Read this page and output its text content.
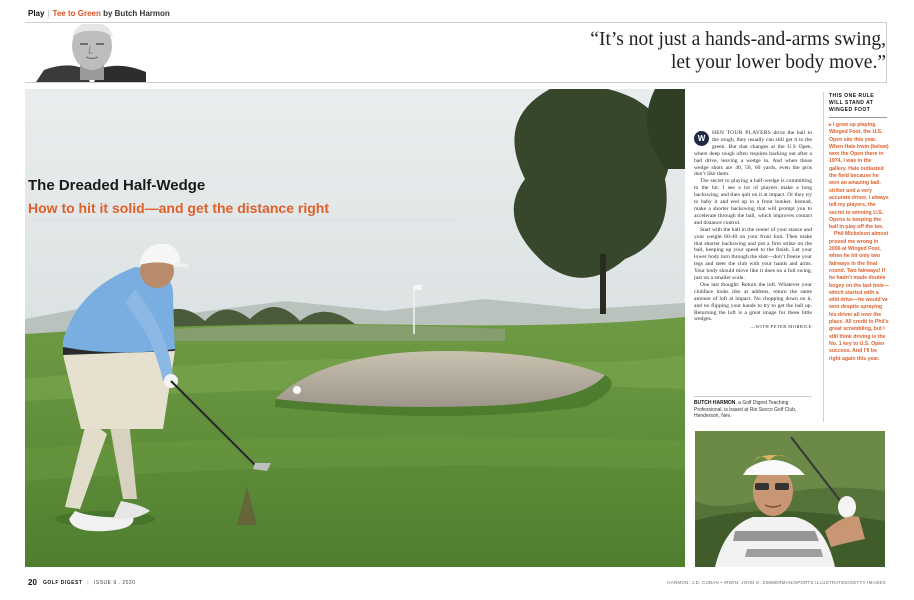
Play | Tee to Green by Butch Harmon
“It’s not just a hands-and-arms swing,
let your lower body move.”
The Dreaded Half-Wedge
How to hit it solid—and get the distance right

W
HEN TOUR PLAYERS drive the ball in the rough, they usually can still get it to the green. But that changes at the U.S Open, where deep rough often requires backing out after a bad drive, leaving a wedge in. And when those wedge shots are 40, 50, 60 yards, even the pros don’t like them.

The secret to playing a half-wedge is committing to the hit. I see a lot of players make a long backswing, and then quit on it at impact. Or they try to baby it and end up in a front bunker. Instead, make a shorter backswing that will prompt you to accelerate through the ball, which improves contact and distance control.

Start with the ball in the center of your stance and your weight 60-40 on your front foot. Then make that shorter backswing and put a firm strike on the ball, keeping up your speed to the finish. Let your lower body turn through the shot—don’t freeze your legs and steer the club with your hands and arms. Your body should move like it does on a full swing, just on a smaller scale.

One last thought: Return the loft. Whatever your clubface looks like at address, return the same amount of loft at impact. No chopping down on it, and no flipping your hands to try to get the ball up. Returning the loft is a great image for these little wedges.

—WITH PETER MORRICE
BUTCH HARMON, a Golf Digest Teaching Professional, is based at Rio Secco Golf Club, Henderson, Nev.
THIS ONE RULE WILL STAND AT WINGED FOOT

▸ I grew up playing Winged Foot, the U.S. Open site this year. When Hale Irwin (below) won the Open there in 1974, I was in the gallery. Hale outlasted the field because he won an amazing ball-striker and a very accurate driver. I always tell my players, the secret to winning U.S. Opens is keeping the ball in play off the tee.

Phil Mickelson almost proved me wrong in 2006 at Winged Foot, when he hit only two fairways in the final round. Two fairways! If he hadn’t made double bogey on the last hole—which started with a wild drive—he would’ve won despite spraying his driver all over the place. All credit to Phil’s great scrambling, but I still think driving is the No. 1 key to U.S. Open success. And I’ll be right again this year.

20 GOLF DIGEST | ISSUE 9 . 2020	HARMON: J.D. CUBAN • IRWIN: JOHN G. ZIMMERMAN/SPORTS ILLUSTRATED/GETTY IMAGES
